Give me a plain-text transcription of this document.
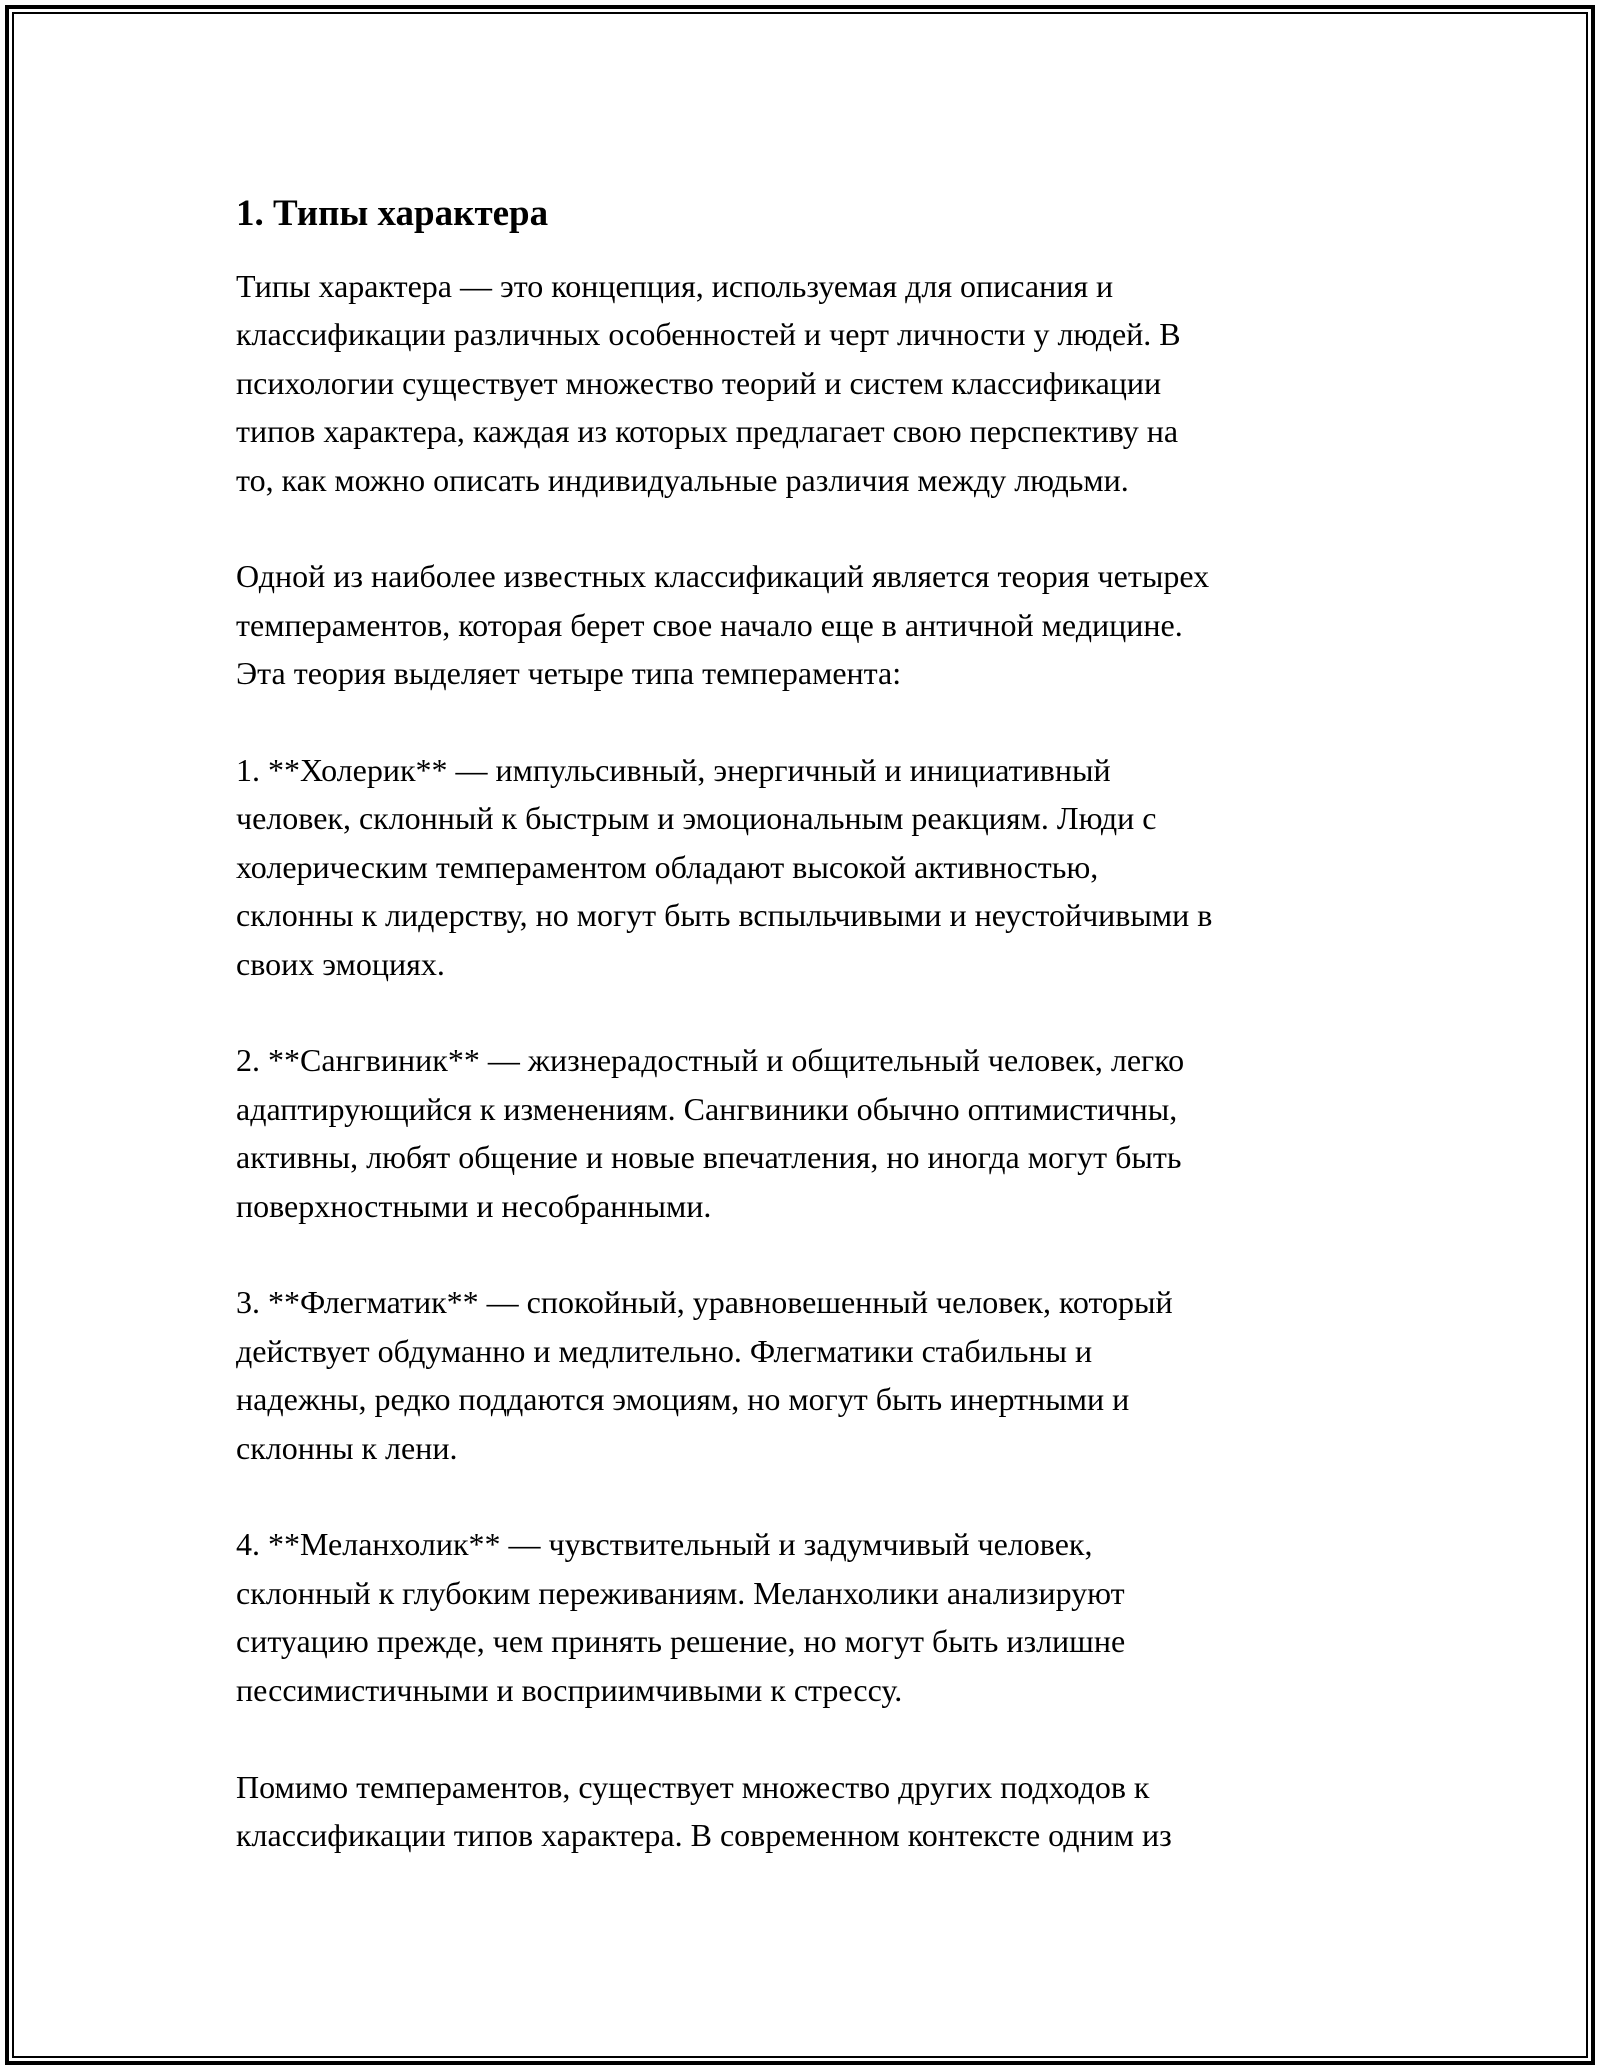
1. Типы характера

Типы характера — это концепция, используемая для описания и
классификации различных особенностей и черт личности у людей. В
психологии существует множество теорий и систем классификации
типов характера, каждая из которых предлагает свою перспективу на
то, как можно описать индивидуальные различия между людьми.

Одной из наиболее известных классификаций является теория четырех
темпераментов, которая берет свое начало еще в античной медицине.
Эта теория выделяет четыре типа темперамента:

1. **Холерик** — импульсивный, энергичный и инициативный
человек, склонный к быстрым и эмоциональным реакциям. Люди с
холерическим темпераментом обладают высокой активностью,
склонны к лидерству, но могут быть вспыльчивыми и неустойчивыми в
своих эмоциях.

2. **Сангвиник** — жизнерадостный и общительный человек, легко
адаптирующийся к изменениям. Сангвиники обычно оптимистичны,
активны, любят общение и новые впечатления, но иногда могут быть
поверхностными и несобранными.

3. **Флегматик** — спокойный, уравновешенный человек, который
действует обдуманно и медлительно. Флегматики стабильны и
надежны, редко поддаются эмоциям, но могут быть инертными и
склонны к лени.

4. **Меланхолик** — чувствительный и задумчивый человек,
склонный к глубоким переживаниям. Меланхолики анализируют
ситуацию прежде, чем принять решение, но могут быть излишне
пессимистичными и восприимчивыми к стрессу.

Помимо темпераментов, существует множество других подходов к
классификации типов характера. В современном контексте одним из
